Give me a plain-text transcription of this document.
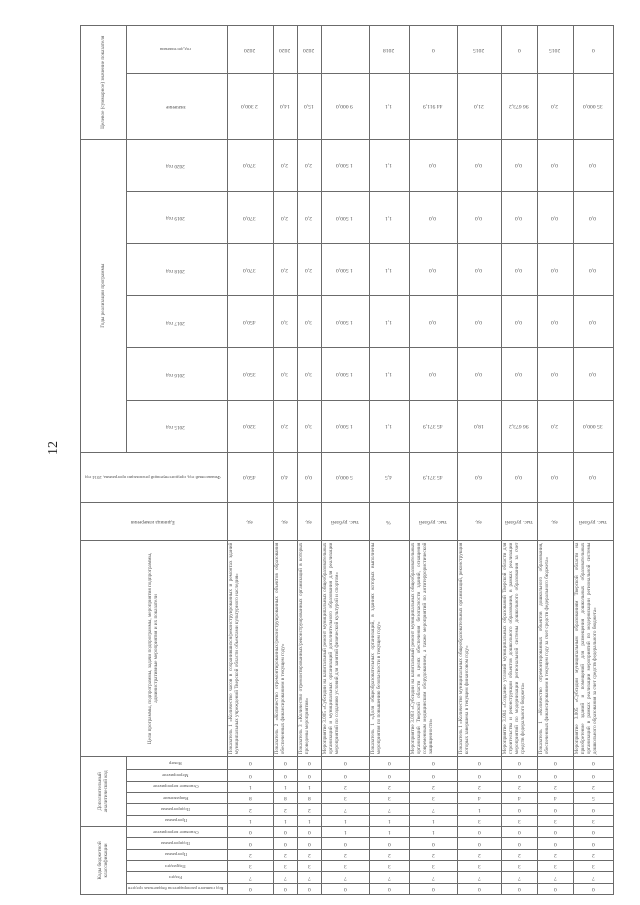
12
Коды бюджетной классификации						Дополнительный аналитический код						Цели программы, подпрограммы, задачи подпрограммы, мероприятия подпрограммы, административные мероприятия и их показатели	Единица измерения	Финансовый год, предшествующий реализации программы, 2014 год	Годы реализации программы						Целевое (суммарное) значение показателя	
Код главного распорядителя бюджетных средств	Раздел	Подраздел	Программа	Подпрограмма	Основное мероприятие	Программа	Подпрограмма	Направление	Основное мероприятие	Мероприятие	Номер				2015 год	2016 год	2017 год	2018 год	2019 год	2020 год	значение	год достижения
0	7	3	2	0	0	1	2	8	1	0	0	Показатель 1 «Количество часов в сохранившихся/реконструированных и ремонтах зданий муниципальных учреждений Тверской области объектами культурного наследия»	ед.	450,0	320,0	350,0	450,0	370,0	370,0	370,0	2 300,0	2020
0	7	3	2	0	0	1	2	8	1	0	0	Показатель 2 «Количество отремонтированных/реконструированных объектов образования обеспеченных финансированием в текущем году»	ед.	4,0	2,0	3,0	3,0	2,0	2,0	2,0	14,0	2020
0	7	3	2	0	0	1	2	8	1	0	0	Показатель 3 «Количество отремонтированных/реконструированных организаций в которых проведены мероприятия»	ед.	0,0	3,0	3,0	3,0	2,0	2,0	2,0	15,0	2020
0	7	3	2	0	1	1	7	3	2	0	0	Мероприятие 3.005 «Субсидии на капитальный ремонт муниципальных общеобразовательных организаций и муниципальных организаций дополнительного образования для реализации мероприятий по созданию условий для занятий физической культурой и спортом»	тыс. рублей	5 000,0	1 500,0	1 500,0	1 500,0	1 500,0	1 500,0	1 500,0	9 000,0	
0	7	3	2	0	1	1	7	3	2	0	0	Показатель 1 «Доля общеобразовательных организаций, в зданиях которых выполнены мероприятия по повышению безопасности в текущем году»	%	4,5	1,1	1,1	1,1	1,1	1,1	1,1	1,1	2018
0	7	3	2	0	1	1	7	3	2	0	0	Мероприятие 3.003 «Субсидии на капитальный ремонт муниципальных общеобразовательных организаций Тверской области в целях обеспечения безопасности зданий, оснащения современным медицинским оборудованием, а также мероприятий по антитеррористической защищенности»	тыс. рублей	45 371,9	45 371,9	0,0	0,0	0,0	0,0	0,0	44 911,9	0
0	7	3	2	0	0	3	1	4	2	0	0	Показатель 1 «Количество муниципальных общеобразовательных организаций, реконструкция которых завершена в текущем финансовом году»	ед.	6,0	18,0	0,0	0,0	0,0	0,0	0,0	21,0	2015
0	7	3	2	0	0	3	0	4	2	0	0	Мероприятие 3.004 «Создание условий муниципальных образований Тверской области для строительства и реконструкции объектов дошкольного образования, в рамках реализации мероприятий по модернизации региональной системы дошкольного образования за счет средств федерального бюджета»	тыс. рублей	0,0	96 673,2	0,0	0,0	0,0	0,0	0,0	96 673,2	0
0	7	3	2	0	0	3	0	4	2	0	0	Показатель 1 «Количество отремонтированных объектов дошкольного образования, обеспеченных финансированием в текущем году за счет средств федерального бюджета»	ед.	0,0	2,0	0,0	0,0	0,0	0,0	0,0	2,0	2015
0	7	3	2	0	0	3	0	5	2	0	0	Мероприятие 3.005 «Субсидии муниципальным образованиям Тверской области на приобретение зданий и помещений для размещения дошкольных образовательных организаций в рамках реализации мероприятий по модернизации региональной системы дошкольного образования за счет средств федерального бюджета»	тыс. рублей	0,0	35 000,0	0,0	0,0	0,0	0,0	0,0	35 000,0	0
